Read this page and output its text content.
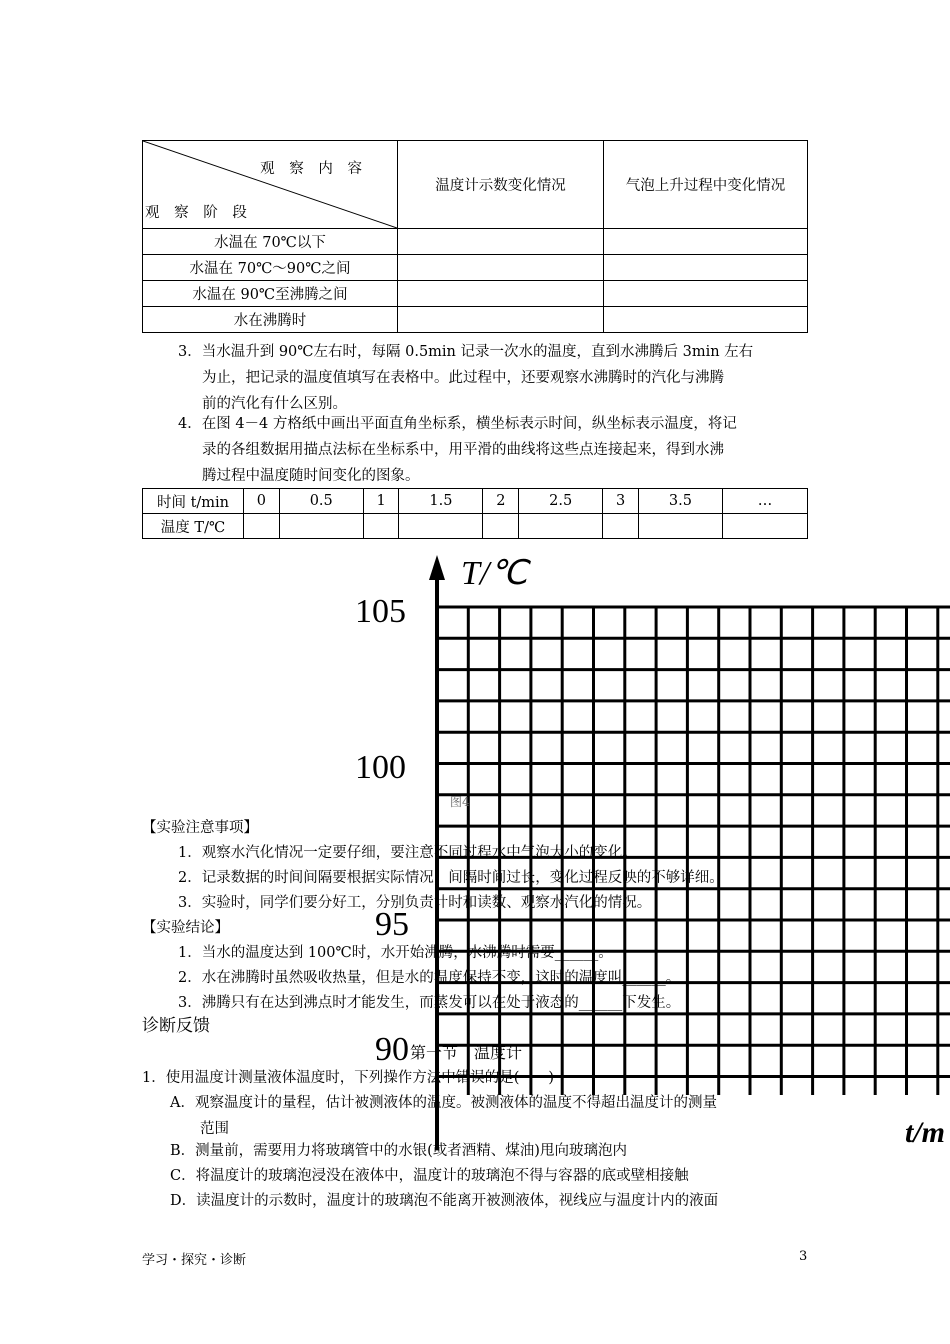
观 察 内 容
观 察 阶 段	温度计示数变化情况	气泡上升过程中变化情况
水温在 70℃以下		
水温在 70℃～90℃之间		
水温在 90℃至沸腾之间		
水在沸腾时		
3．当水温升到 90℃左右时，每隔 0.5min 记录一次水的温度，直到水沸腾后 3min 左右
为止，把记录的温度值填写在表格中。此过程中，还要观察水沸腾时的汽化与沸腾
前的汽化有什么区别。
4．在图 4－4 方格纸中画出平面直角坐标系，横坐标表示时间，纵坐标表示温度，将记
录的各组数据用描点法标在坐标系中，用平滑的曲线将这些点连接起来，得到水沸
腾过程中温度随时间变化的图象。
时间 t/min	0	0.5	1	1.5	2	2.5	3	3.5	…
温度 T/℃									
T/℃
105
100
95
90
t/m
图4
【实验注意事项】
1．观察水汽化情况一定要仔细，要注意不同过程水中气泡大小的变化。
2．记录数据的时间间隔要根据实际情况，间隔时间过长，变化过程反映的不够详细。
3．实验时，同学们要分好工，分别负责计时和读数、观察水汽化的情况。
【实验结论】
1．当水的温度达到 100℃时，水开始沸腾，水沸腾时需要______。
2．水在沸腾时虽然吸收热量，但是水的温度保持不变，这时的温度叫______。
3．沸腾只有在达到沸点时才能发生，而蒸发可以在处于液态的______下发生。
诊断反馈
第一节　温度计
1．使用温度计测量液体温度时，下列操作方法中错误的是(　　)
A．观察温度计的量程，估计被测液体的温度。被测液体的温度不得超出温度计的测量
范围
B．测量前，需要用力将玻璃管中的水银(或者酒精、煤油)甩向玻璃泡内
C．将温度计的玻璃泡浸没在液体中，温度计的玻璃泡不得与容器的底或壁相接触
D．读温度计的示数时，温度计的玻璃泡不能离开被测液体，视线应与温度计内的液面
学习・探究・诊断	3
